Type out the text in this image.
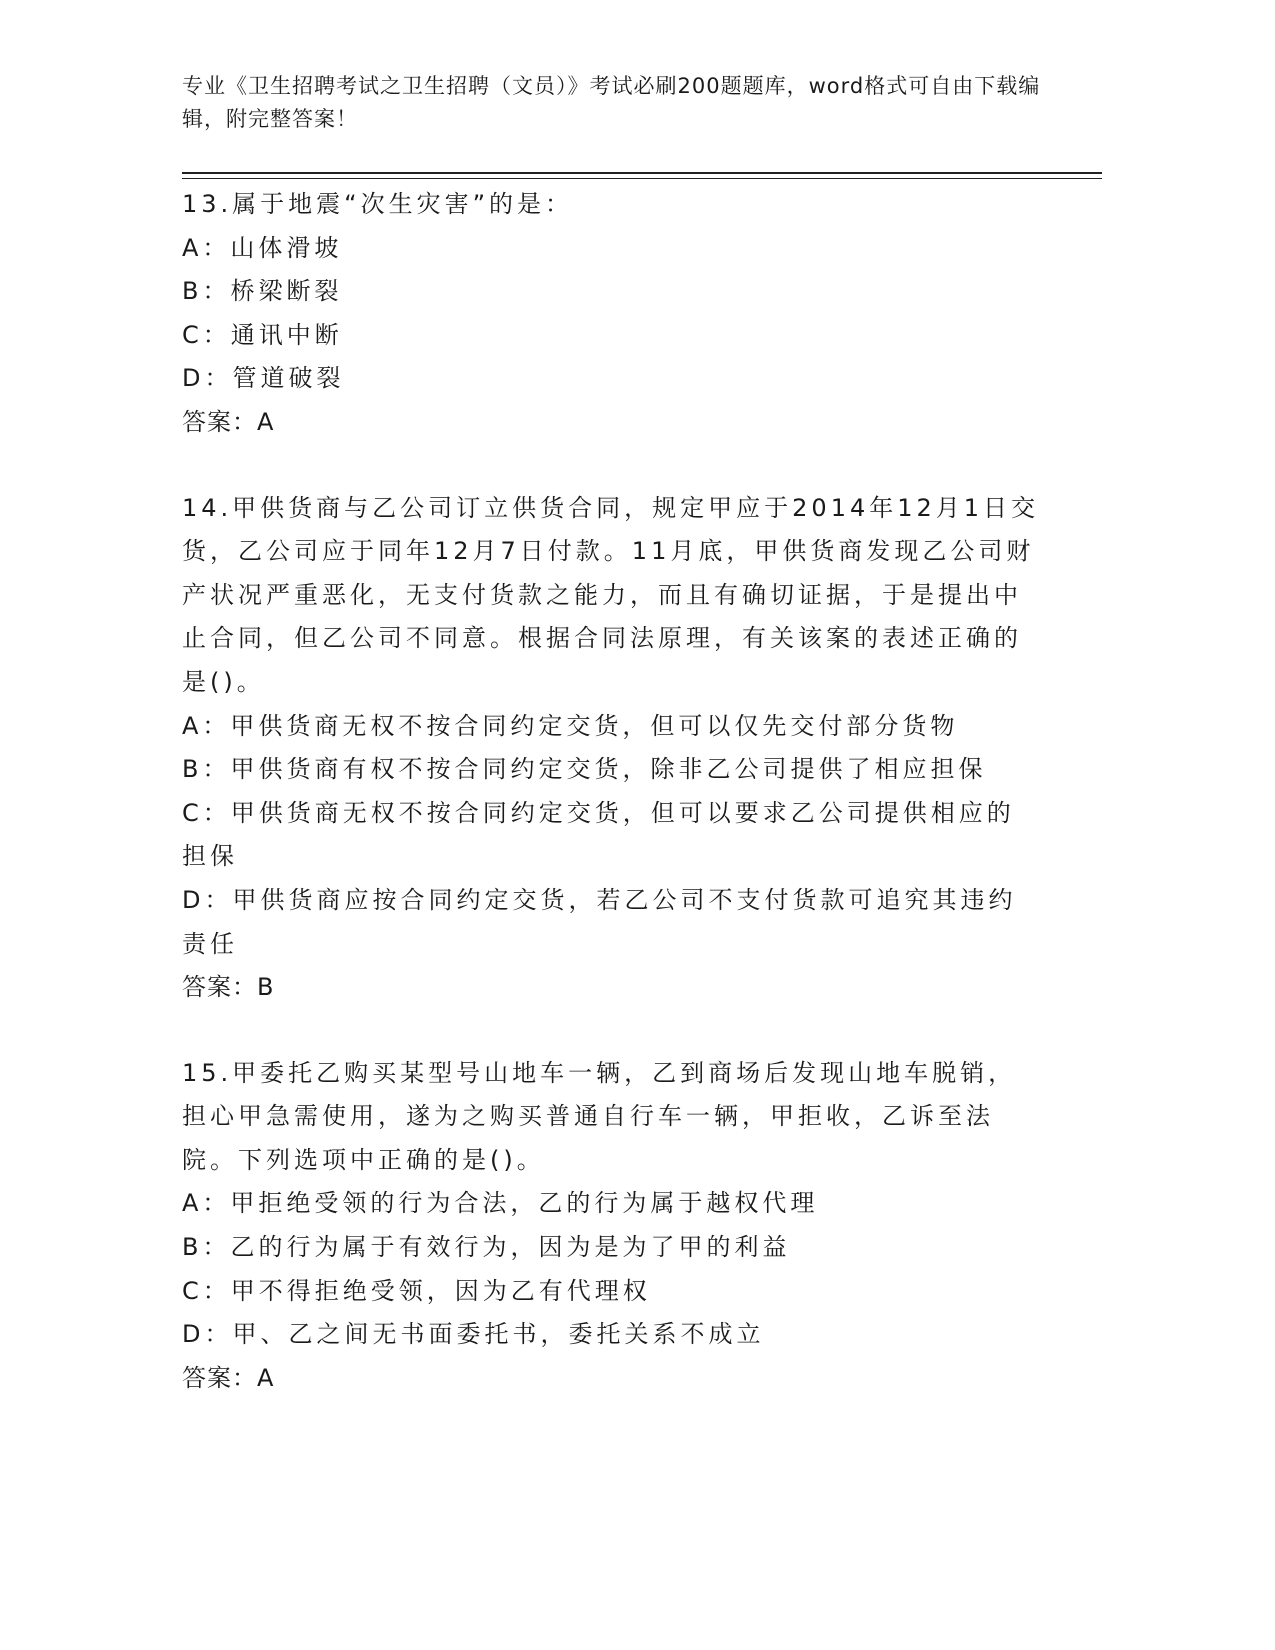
专业《卫生招聘考试之卫生招聘（文员）》考试必刷200题题库，word格式可自由下载编辑，附完整答案！

13.属于地震“次生灾害”的是：

A：山体滑坡

B：桥梁断裂

C：通讯中断

D：管道破裂

答案：A

14.甲供货商与乙公司订立供货合同，规定甲应于2014年12月1日交货，乙公司应于同年12月7日付款。11月底，甲供货商发现乙公司财产状况严重恶化，无支付货款之能力，而且有确切证据，于是提出中止合同，但乙公司不同意。根据合同法原理，有关该案的表述正确的是()。

A：甲供货商无权不按合同约定交货，但可以仅先交付部分货物

B：甲供货商有权不按合同约定交货，除非乙公司提供了相应担保

C：甲供货商无权不按合同约定交货，但可以要求乙公司提供相应的担保

D：甲供货商应按合同约定交货，若乙公司不支付货款可追究其违约责任

答案：B

15.甲委托乙购买某型号山地车一辆，乙到商场后发现山地车脱销，担心甲急需使用，遂为之购买普通自行车一辆，甲拒收，乙诉至法院。下列选项中正确的是()。

A：甲拒绝受领的行为合法，乙的行为属于越权代理

B：乙的行为属于有效行为，因为是为了甲的利益

C：甲不得拒绝受领，因为乙有代理权

D：甲、乙之间无书面委托书，委托关系不成立

答案：A
